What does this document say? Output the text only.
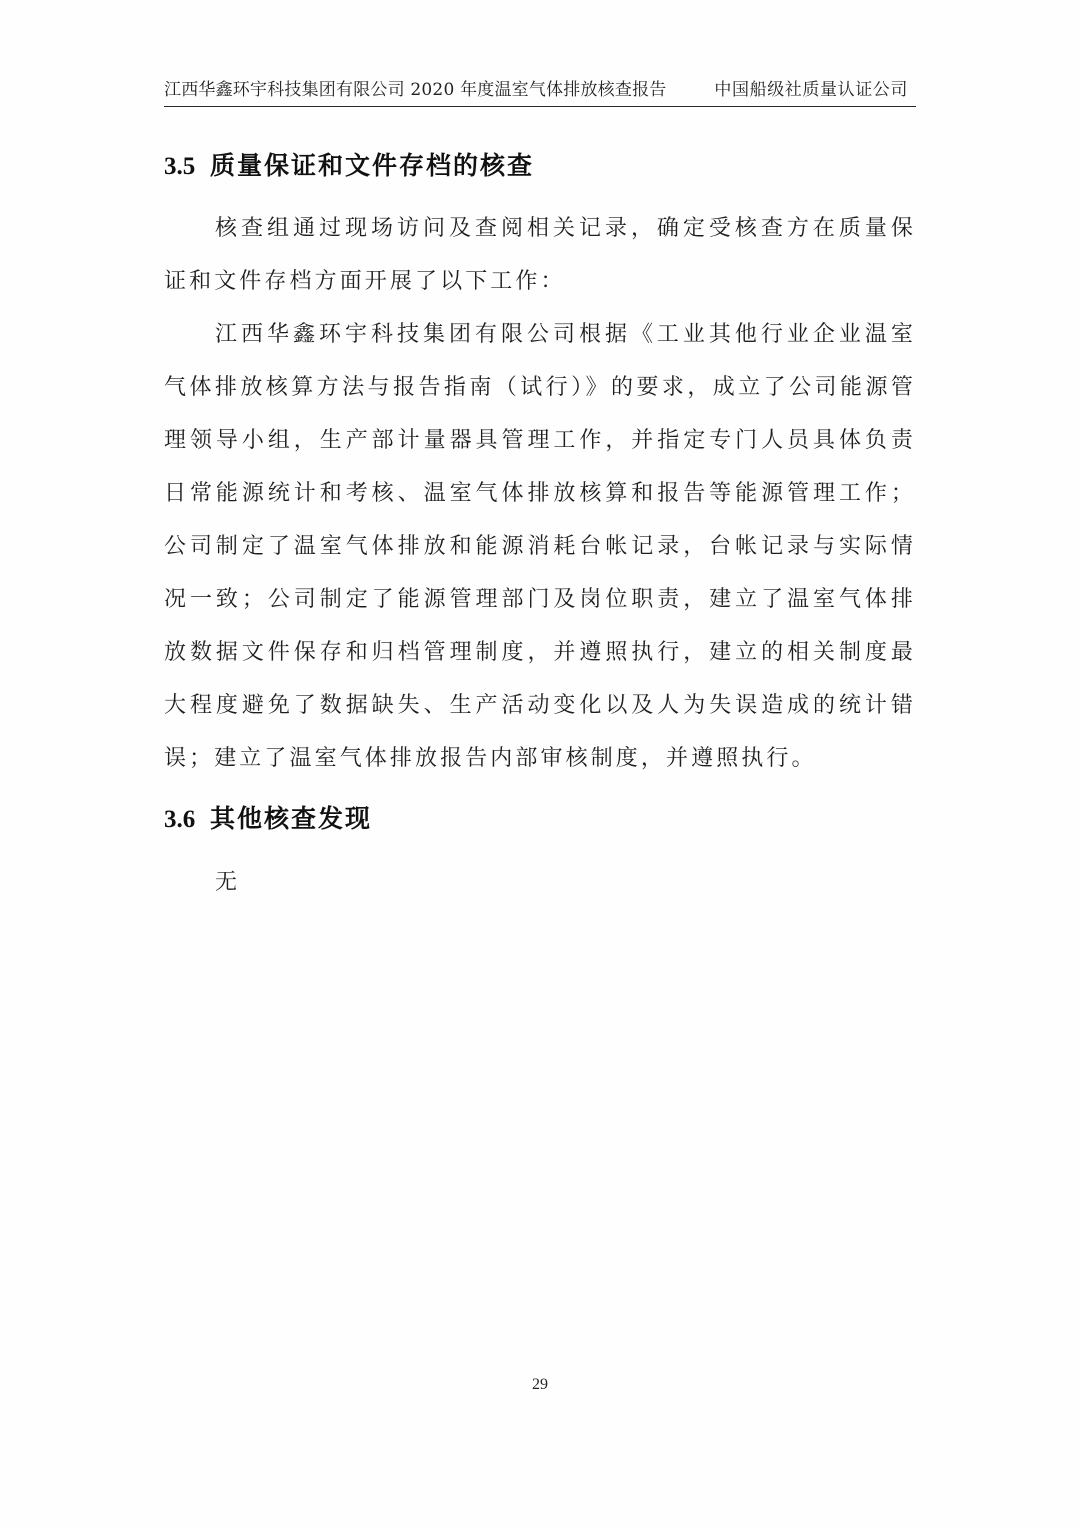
江西华鑫环宇科技集团有限公司 2020 年度温室气体排放核查报告	中国船级社质量认证公司
3.5 质量保证和文件存档的核查

核查组通过现场访问及查阅相关记录，确定受核查方在质量保证和文件存档方面开展了以下工作：

江西华鑫环宇科技集团有限公司根据《工业其他行业企业温室气体排放核算方法与报告指南（试行）》的要求，成立了公司能源管理领导小组，生产部计量器具管理工作，并指定专门人员具体负责日常能源统计和考核、温室气体排放核算和报告等能源管理工作；公司制定了温室气体排放和能源消耗台帐记录，台帐记录与实际情况一致；公司制定了能源管理部门及岗位职责，建立了温室气体排放数据文件保存和归档管理制度，并遵照执行，建立的相关制度最大程度避免了数据缺失、生产活动变化以及人为失误造成的统计错误；建立了温室气体排放报告内部审核制度，并遵照执行。

3.6 其他核查发现

无

29
